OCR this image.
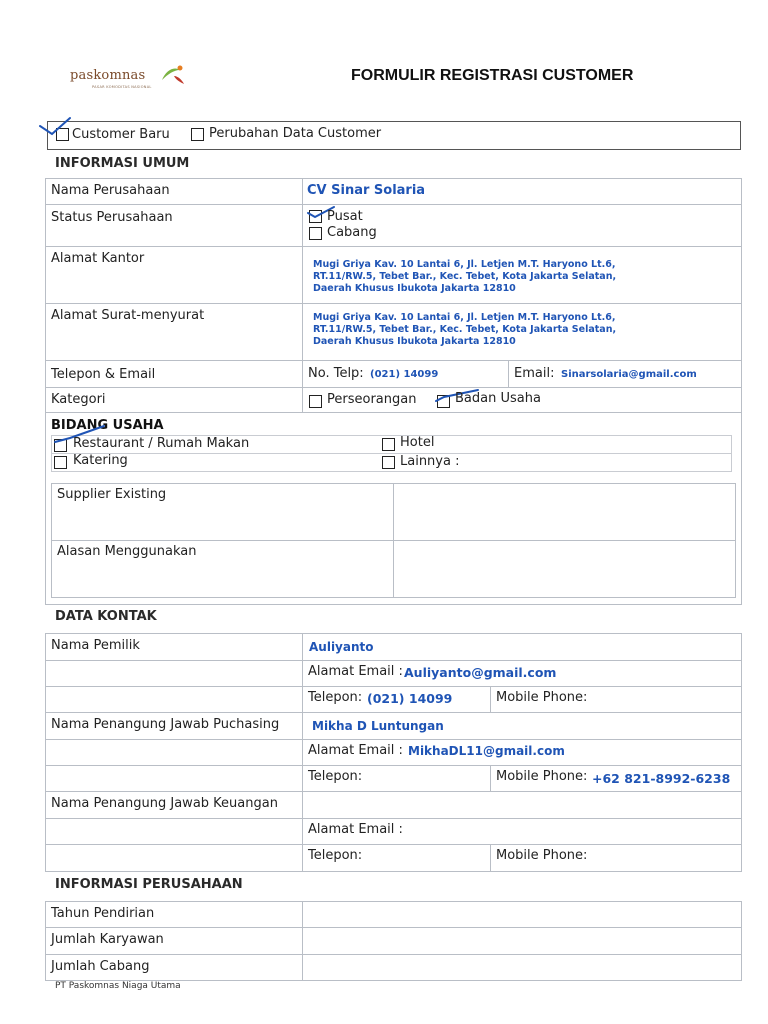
paskomnas
PASAR KOMODITAS NASIONAL
FORMULIR REGISTRASI CUSTOMER
Customer Baru	Perubahan Data Customer
INFORMASI UMUM
Nama Perusahaan	CV Sinar Solaria
Status Perusahaan	Pusat
Cabang
Alamat Kantor	Mugi Griya Kav. 10 Lantai 6, Jl. Letjen M.T. Haryono Lt.6,
RT.11/RW.5, Tebet Bar., Kec. Tebet, Kota Jakarta Selatan,
Daerah Khusus Ibukota Jakarta 12810
Alamat Surat-menyurat	Mugi Griya Kav. 10 Lantai 6, Jl. Letjen M.T. Haryono Lt.6,
RT.11/RW.5, Tebet Bar., Kec. Tebet, Kota Jakarta Selatan,
Daerah Khusus Ibukota Jakarta 12810
Telepon & Email	No. Telp: (021) 14099	Email: Sinarsolaria@gmail.com
Kategori	Perseorangan	Badan Usaha
BIDANG USAHA
Restaurant / Rumah Makan	Hotel
Katering	Lainnya :
Supplier Existing
Alasan Menggunakan
DATA KONTAK
Nama Pemilik	Auliyanto
Alamat Email : Auliyanto@gmail.com
Telepon: (021) 14099	Mobile Phone:
Nama Penangung Jawab Puchasing	Mikha D Luntungan
Alamat Email : MikhaDL11@gmail.com
Telepon:	Mobile Phone: +62 821-8992-6238
Nama Penangung Jawab Keuangan
Alamat Email :
Telepon:	Mobile Phone:
INFORMASI PERUSAHAAN
Tahun Pendirian
Jumlah Karyawan
Jumlah Cabang
PT Paskomnas Niaga Utama
